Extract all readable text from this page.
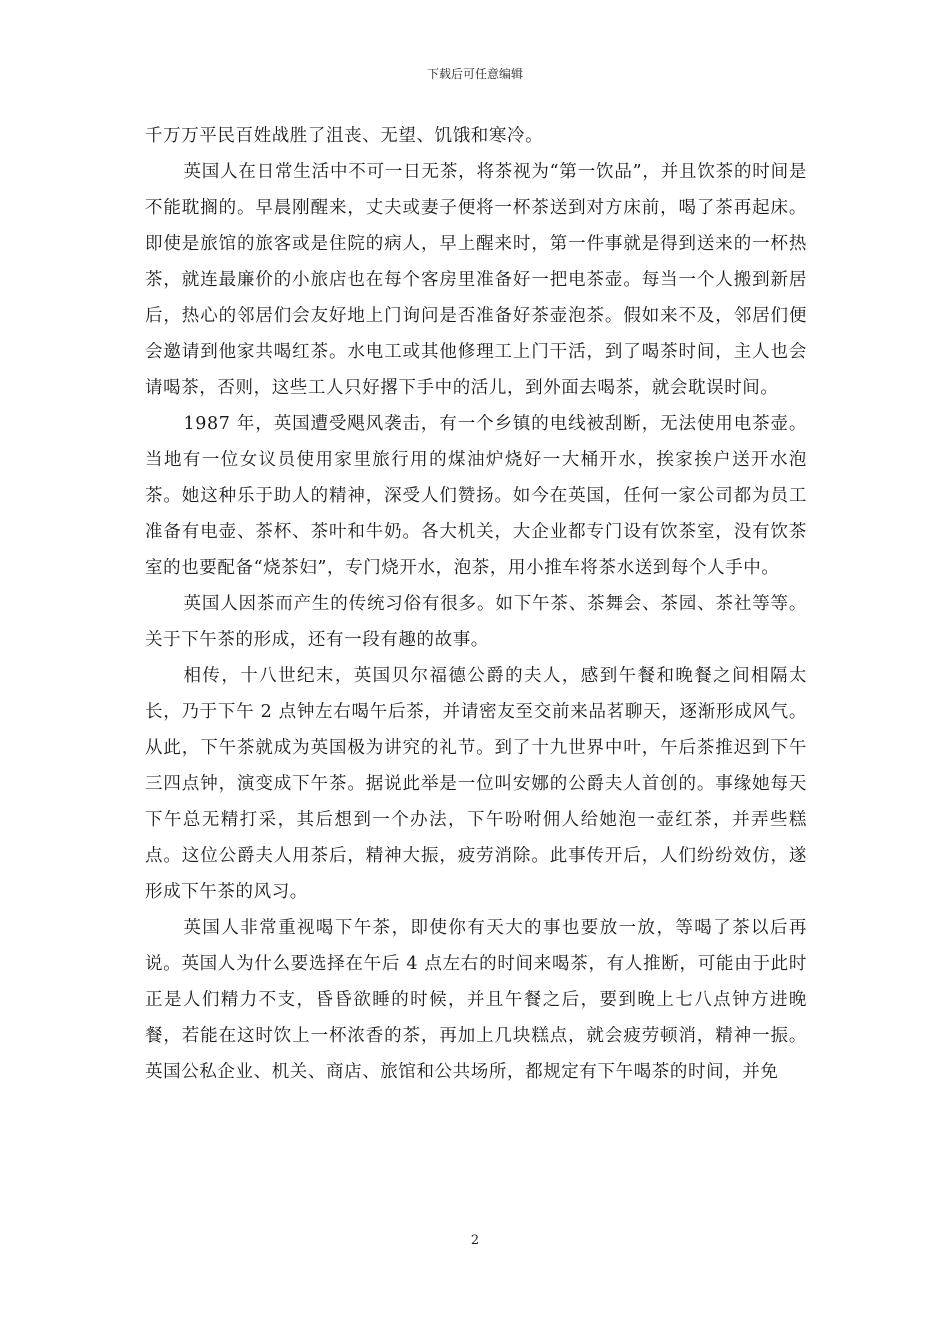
下载后可任意编辑

千万万平民百姓战胜了沮丧、无望、饥饿和寒冷。

英国人在日常生活中不可一日无茶，将茶视为“第一饮品”，并且饮茶的时间是不能耽搁的。早晨刚醒来，丈夫或妻子便将一杯茶送到对方床前，喝了茶再起床。即使是旅馆的旅客或是住院的病人，早上醒来时，第一件事就是得到送来的一杯热茶，就连最廉价的小旅店也在每个客房里准备好一把电茶壶。每当一个人搬到新居后，热心的邻居们会友好地上门询问是否准备好茶壶泡茶。假如来不及，邻居们便会邀请到他家共喝红茶。水电工或其他修理工上门干活，到了喝茶时间，主人也会请喝茶，否则，这些工人只好撂下手中的活儿，到外面去喝茶，就会耽误时间。

1987 年，英国遭受飓风袭击，有一个乡镇的电线被刮断，无法使用电茶壶。当地有一位女议员使用家里旅行用的煤油炉烧好一大桶开水，挨家挨户送开水泡茶。她这种乐于助人的精神，深受人们赞扬。如今在英国，任何一家公司都为员工准备有电壶、茶杯、茶叶和牛奶。各大机关，大企业都专门设有饮茶室，没有饮茶室的也要配备“烧茶妇”，专门烧开水，泡茶，用小推车将茶水送到每个人手中。

英国人因茶而产生的传统习俗有很多。如下午茶、茶舞会、茶园、茶社等等。关于下午茶的形成，还有一段有趣的故事。

相传，十八世纪末，英国贝尔福德公爵的夫人，感到午餐和晚餐之间相隔太长，乃于下午 2 点钟左右喝午后茶，并请密友至交前来品茗聊天，逐渐形成风气。从此，下午茶就成为英国极为讲究的礼节。到了十九世界中叶，午后茶推迟到下午三四点钟，演变成下午茶。据说此举是一位叫安娜的公爵夫人首创的。事缘她每天下午总无精打采，其后想到一个办法，下午吩咐佣人给她泡一壶红茶，并弄些糕点。这位公爵夫人用茶后，精神大振，疲劳消除。此事传开后，人们纷纷效仿，遂形成下午茶的风习。

英国人非常重视喝下午茶，即使你有天大的事也要放一放，等喝了茶以后再说。英国人为什么要选择在午后 4 点左右的时间来喝茶，有人推断，可能由于此时正是人们精力不支，昏昏欲睡的时候，并且午餐之后，要到晚上七八点钟方进晚餐，若能在这时饮上一杯浓香的茶，再加上几块糕点，就会疲劳顿消，精神一振。英国公私企业、机关、商店、旅馆和公共场所，都规定有下午喝茶的时间，并免

2
